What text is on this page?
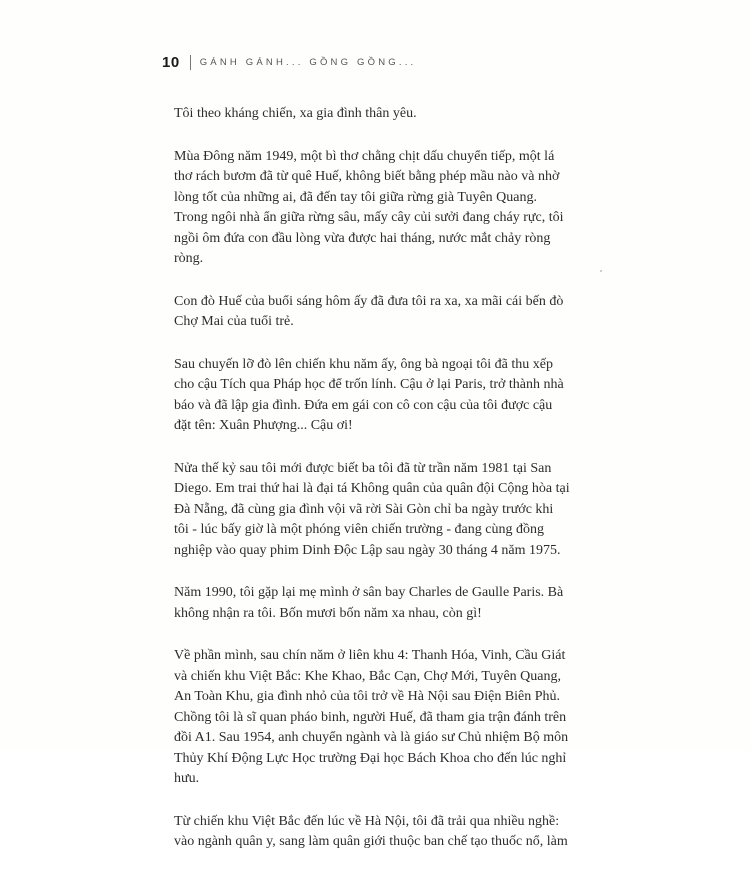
10 GÁNH GÁNH... GỒNG GỒNG...

Tôi theo kháng chiến, xa gia đình thân yêu.

Mùa Đông năm 1949, một bì thơ chằng chịt dấu chuyển tiếp, một lá thơ rách bươm đã từ quê Huế, không biết bằng phép mầu nào và nhờ lòng tốt của những ai, đã đến tay tôi giữa rừng già Tuyên Quang. Trong ngôi nhà ẩn giữa rừng sâu, mấy cây củi sưởi đang cháy rực, tôi ngồi ôm đứa con đầu lòng vừa được hai tháng, nước mắt chảy ròng ròng.

Con đò Huế của buổi sáng hôm ấy đã đưa tôi ra xa, xa mãi cái bến đò Chợ Mai của tuổi trẻ.

Sau chuyến lỡ đò lên chiến khu năm ấy, ông bà ngoại tôi đã thu xếp cho cậu Tích qua Pháp học để trốn lính. Cậu ở lại Paris, trở thành nhà báo và đã lập gia đình. Đứa em gái con cô con cậu của tôi được cậu đặt tên: Xuân Phượng... Cậu ơi!

Nửa thế kỷ sau tôi mới được biết ba tôi đã từ trần năm 1981 tại San Diego. Em trai thứ hai là đại tá Không quân của quân đội Cộng hòa tại Đà Nẵng, đã cùng gia đình vội vã rời Sài Gòn chỉ ba ngày trước khi tôi - lúc bấy giờ là một phóng viên chiến trường - đang cùng đồng nghiệp vào quay phim Dinh Độc Lập sau ngày 30 tháng 4 năm 1975.

Năm 1990, tôi gặp lại mẹ mình ở sân bay Charles de Gaulle Paris. Bà không nhận ra tôi. Bốn mươi bốn năm xa nhau, còn gì!

Về phần mình, sau chín năm ở liên khu 4: Thanh Hóa, Vinh, Cầu Giát và chiến khu Việt Bắc: Khe Khao, Bắc Cạn, Chợ Mới, Tuyên Quang, An Toàn Khu, gia đình nhỏ của tôi trở về Hà Nội sau Điện Biên Phủ. Chồng tôi là sĩ quan pháo binh, người Huế, đã tham gia trận đánh trên đồi A1. Sau 1954, anh chuyển ngành và là giáo sư Chủ nhiệm Bộ môn Thủy Khí Động Lực Học trường Đại học Bách Khoa cho đến lúc nghỉ hưu.

Từ chiến khu Việt Bắc đến lúc về Hà Nội, tôi đã trải qua nhiều nghề: vào ngành quân y, sang làm quân giới thuộc ban chế tạo thuốc nổ, làm
